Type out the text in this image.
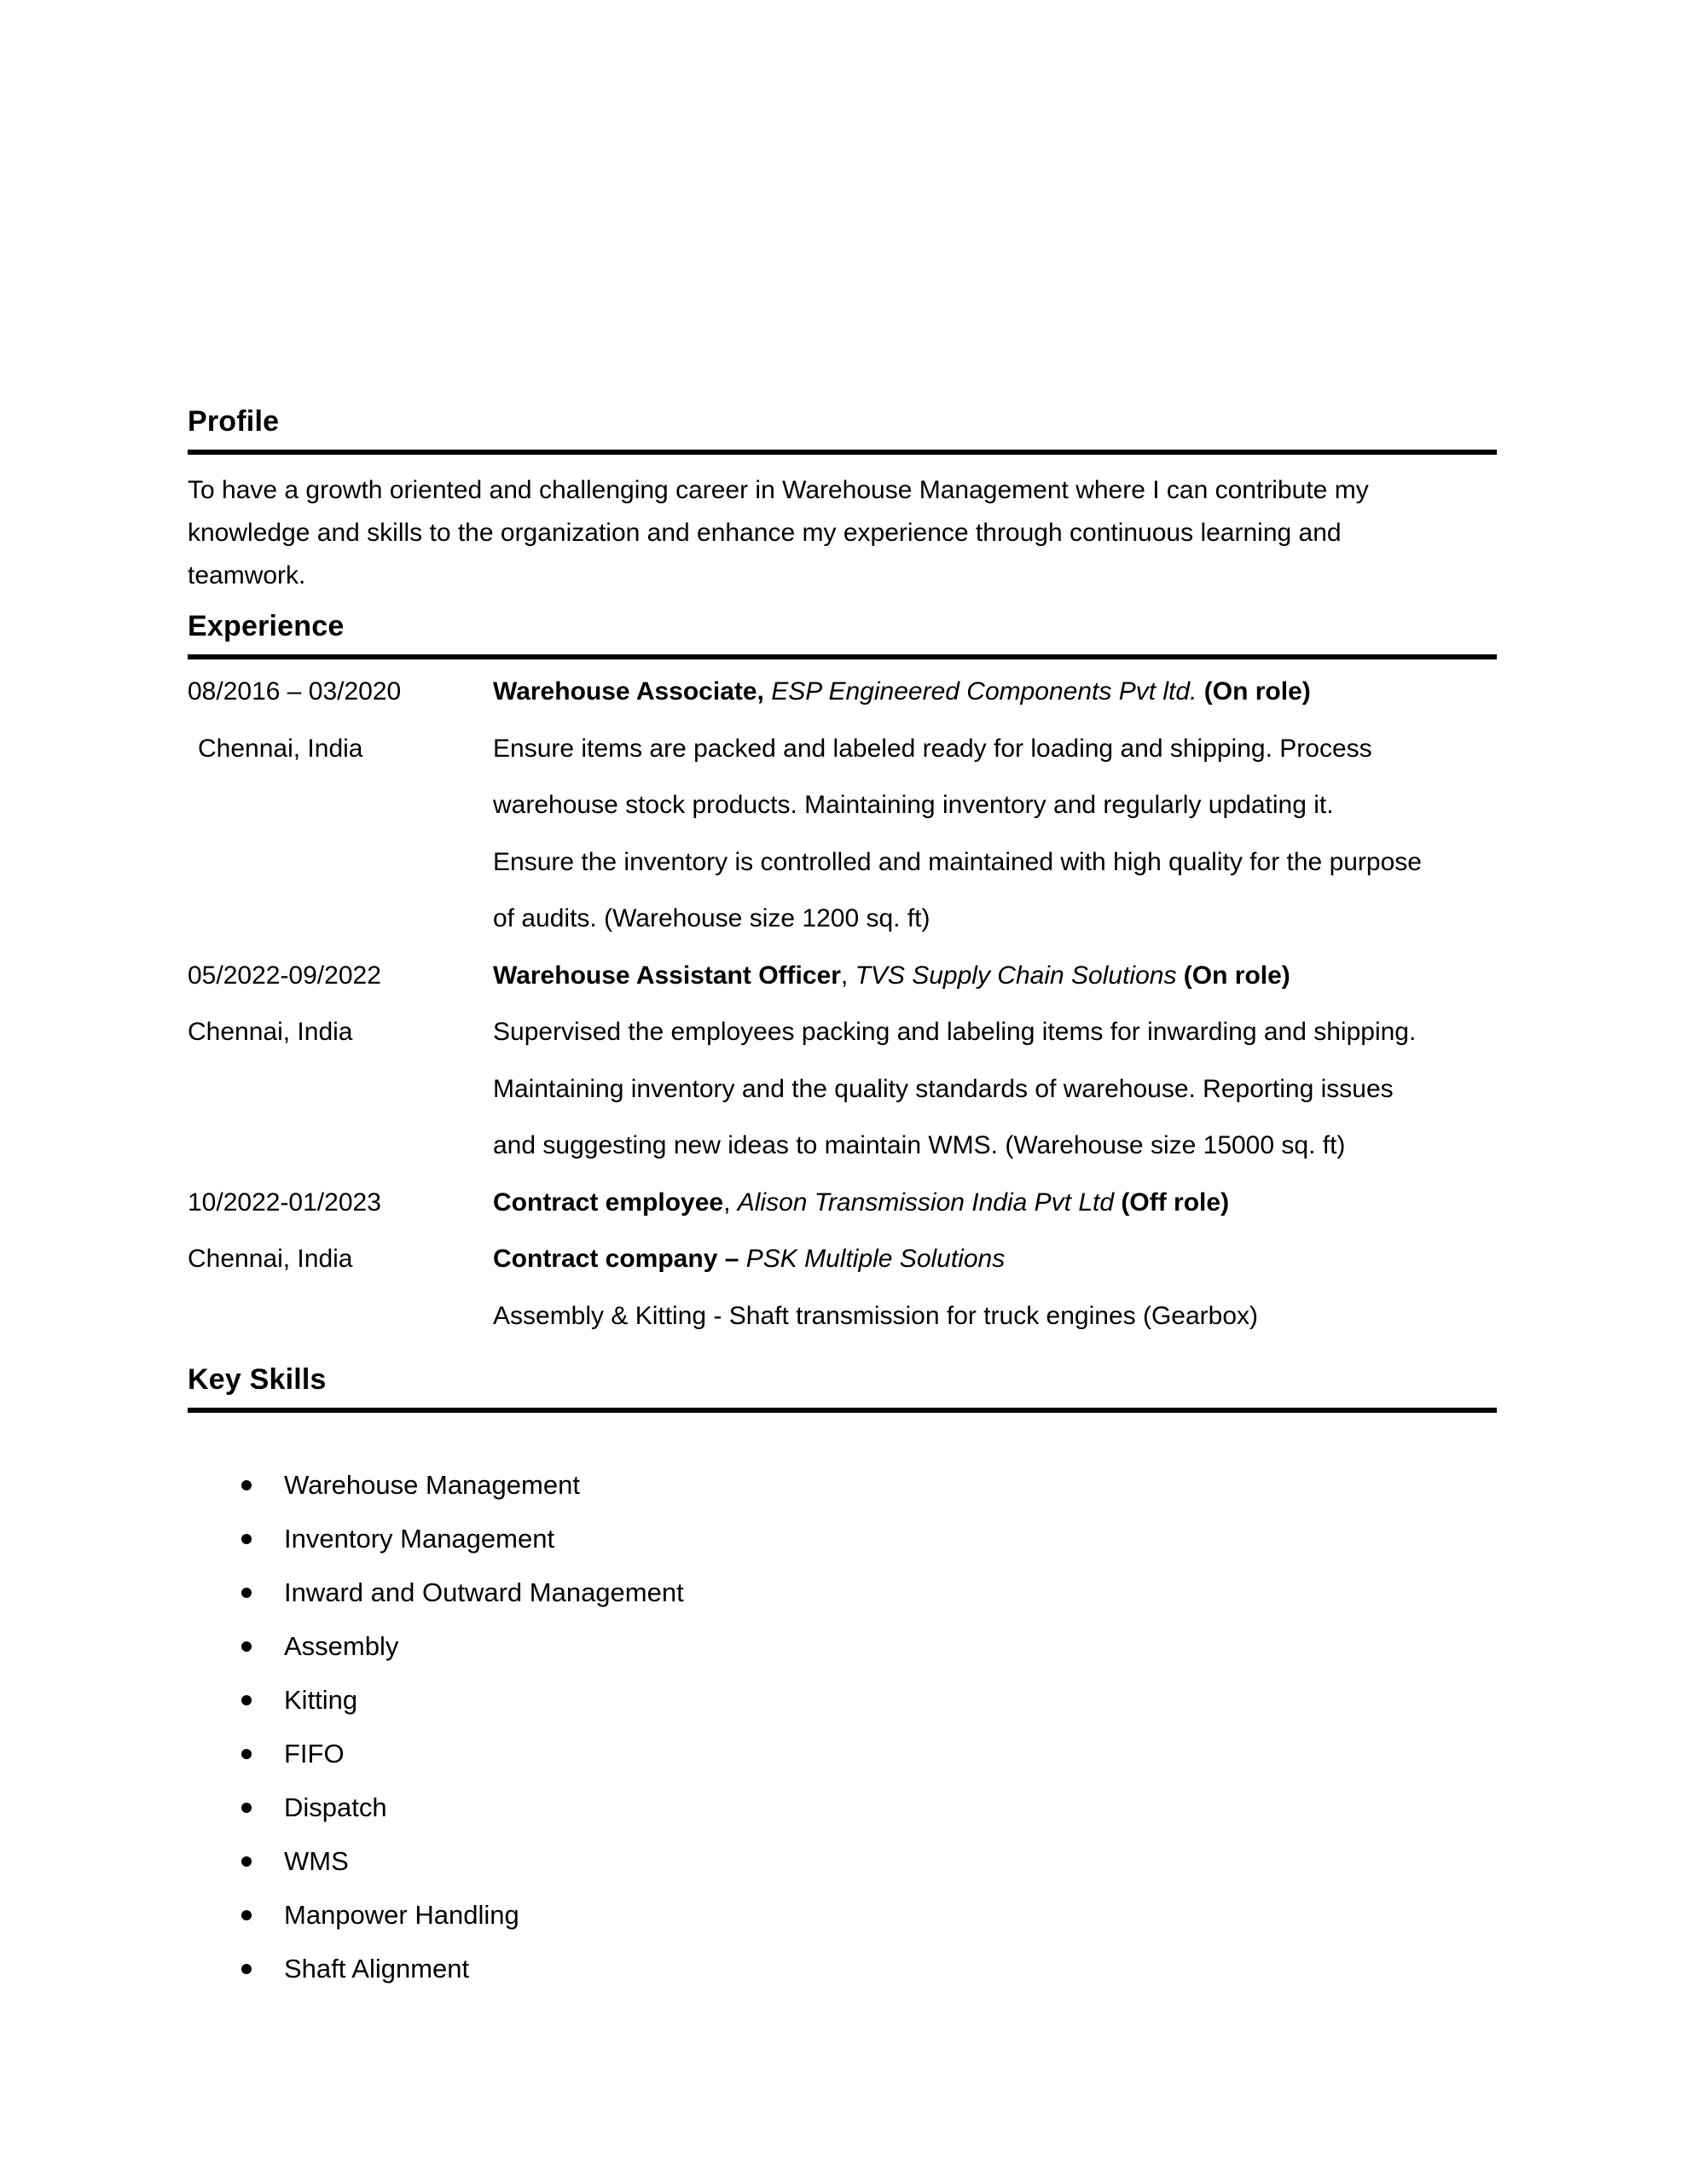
Profile
To have a growth oriented and challenging career in Warehouse Management where I can contribute my
knowledge and skills to the organization and enhance my experience through continuous learning and
teamwork.
Experience
08/2016 – 03/2020	Warehouse Associate, ESP Engineered Components Pvt ltd. (On role)
Chennai, India	Ensure items are packed and labeled ready for loading and shipping. Process
warehouse stock products. Maintaining inventory and regularly updating it.
Ensure the inventory is controlled and maintained with high quality for the purpose
of audits. (Warehouse size 1200 sq. ft)
05/2022-09/2022	Warehouse Assistant Officer, TVS Supply Chain Solutions (On role)
Chennai, India	Supervised the employees packing and labeling items for inwarding and shipping.
Maintaining inventory and the quality standards of warehouse. Reporting issues
and suggesting new ideas to maintain WMS. (Warehouse size 15000 sq. ft)
10/2022-01/2023	Contract employee, Alison Transmission India Pvt Ltd (Off role)
Chennai, India	Contract company – PSK Multiple Solutions
Assembly & Kitting - Shaft transmission for truck engines (Gearbox)
Key Skills
Warehouse Management
Inventory Management
Inward and Outward Management
Assembly
Kitting
FIFO
Dispatch
WMS
Manpower Handling
Shaft Alignment
